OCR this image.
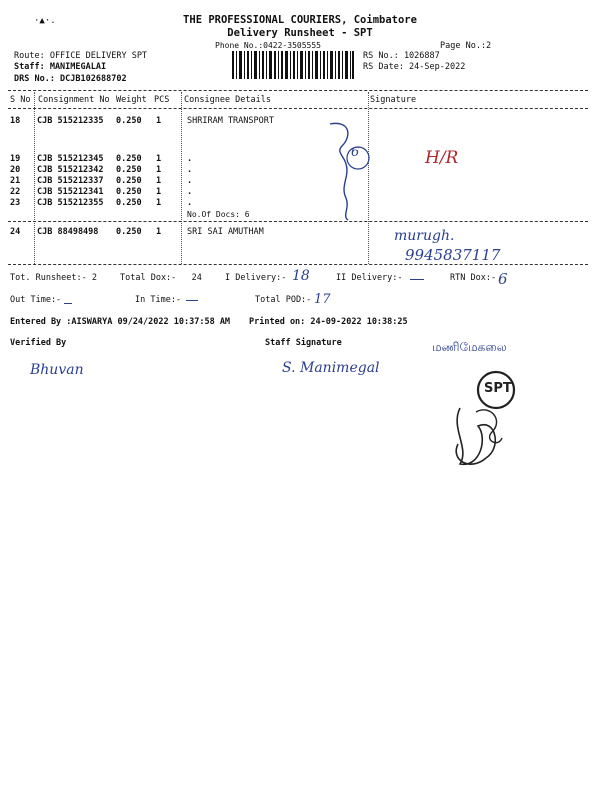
THE PROFESSIONAL COURIERS, Coimbatore
Delivery Runsheet - SPT
Phone No.:0422-3505555	Page No.:2
·▲·.
Route: OFFICE DELIVERY SPT
Staff: MANIMEGALAI
DRS No.: DCJB102688702
RS No.: 1026887
RS Date: 24-Sep-2022
S No Consignment No Weight PCS Consignee Details	Signature
18 CJB 515212335 0.250 1	SHRIRAM TRANSPORT
19 CJB 515212345 0.250 1	.
20 CJB 515212342 0.250 1	.
21 CJB 515212337 0.250 1	.
22 CJB 515212341 0.250 1	.
23 CJB 515212355 0.250 1	.
No.Of Docs: 6
24 CJB 88498498 0.250 1	SRI SAI AMUTHAM
6	H/R
murugh.
9945837117
Tot. Runsheet:- 2	Total Dox:-   24	I Delivery:- 18	II Delivery:-	RTN Dox:- 6
Out Time:-	In Time:-	Total POD:- 17
Entered By :AISWARYA 09/24/2022 10:37:58 AM Printed on: 24-09-2022 10:38:25
Verified By	Staff Signature
Bhuvan	S. Manimegal
மணிமேகலை
SPT
